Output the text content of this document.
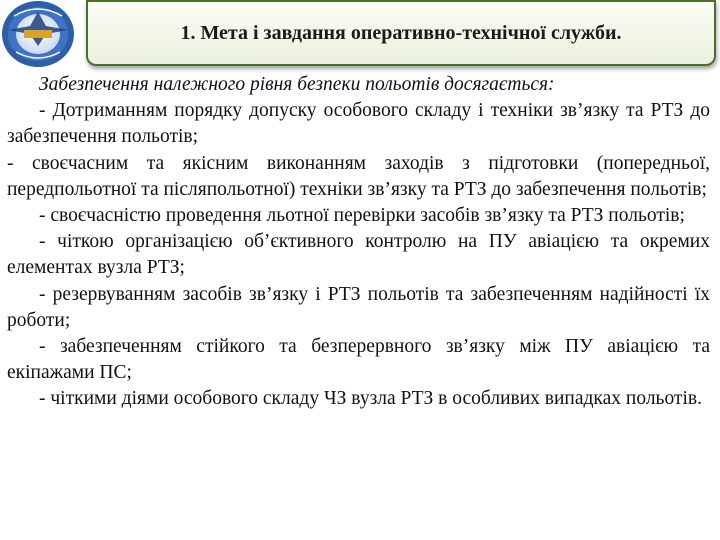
1. Мета і завдання оперативно-технічної служби.

Забезпечення належного рівня безпеки польотів досягається:

- Дотриманням порядку допуску особового складу і техніки зв’язку та РТЗ до забезпечення польотів;

- своєчасним та якісним виконанням заходів з підготовки (попередньої, передпольотної та післяпольотної) техніки зв’язку та РТЗ до забезпечення польотів;

- своєчасністю проведення льотної перевірки засобів зв’язку та РТЗ польотів;

- чіткою організацією об’єктивного контролю на ПУ авіацією та окремих елементах вузла РТЗ;

- резервуванням засобів зв’язку і РТЗ польотів та забезпеченням надійності їх роботи;

- забезпеченням стійкого та безперервного зв’язку між ПУ авіацією та екіпажами ПС;

- чіткими діями особового складу ЧЗ вузла РТЗ в особливих випадках польотів.
